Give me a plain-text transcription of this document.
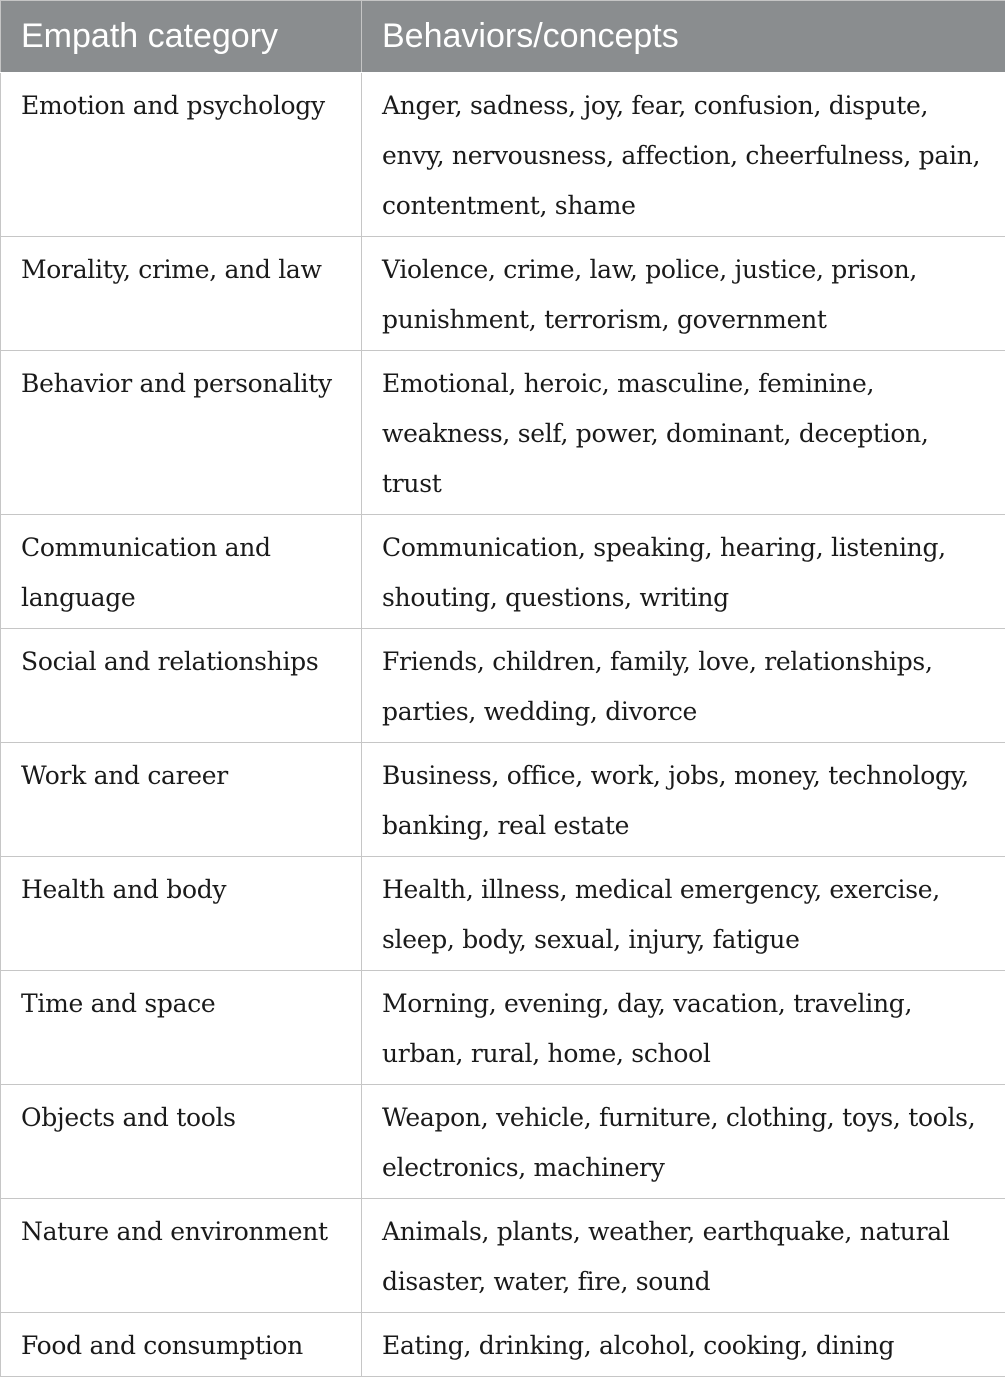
Empath category	Behaviors/concepts
Emotion and psychology	Anger, sadness, joy, fear, confusion, dispute, envy, nervousness, affection, cheerfulness, pain, contentment, shame
Morality, crime, and law	Violence, crime, law, police, justice, prison, punishment, terrorism, government
Behavior and personality	Emotional, heroic, masculine, feminine, weakness, self, power, dominant, deception, trust
Communication and language	Communication, speaking, hearing, listening, shouting, questions, writing
Social and relationships	Friends, children, family, love, relationships, parties, wedding, divorce
Work and career	Business, office, work, jobs, money, technology, banking, real estate
Health and body	Health, illness, medical emergency, exercise, sleep, body, sexual, injury, fatigue
Time and space	Morning, evening, day, vacation, traveling, urban, rural, home, school
Objects and tools	Weapon, vehicle, furniture, clothing, toys, tools, electronics, machinery
Nature and environment	Animals, plants, weather, earthquake, natural disaster, water, fire, sound
Food and consumption	Eating, drinking, alcohol, cooking, dining
